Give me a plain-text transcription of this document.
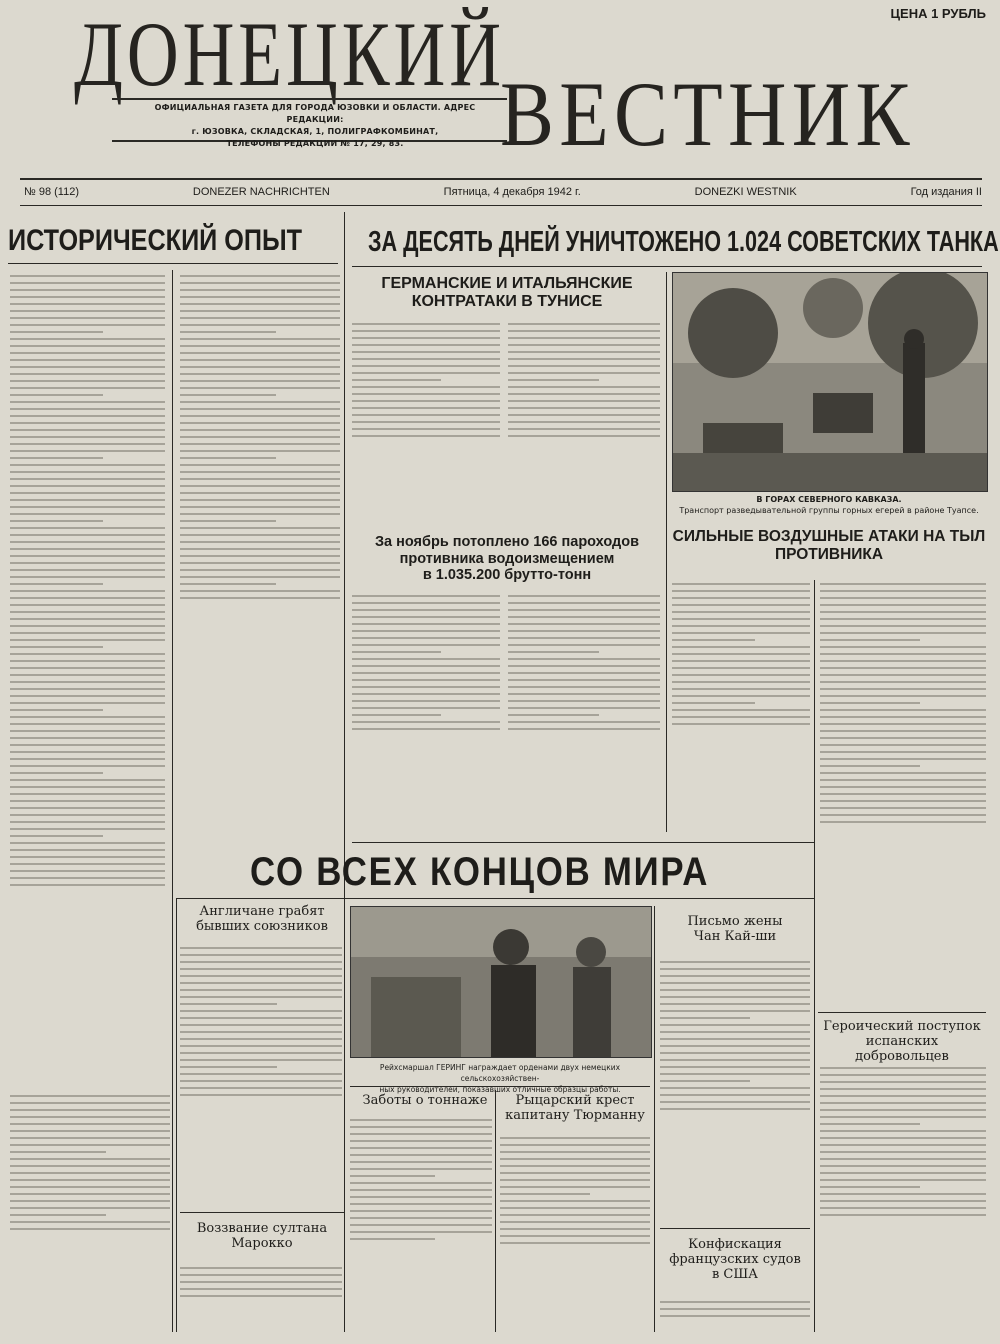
ДОНЕЦКИЙ
ВЕСТНИК
ЦЕНА 1 РУБЛЬ
ОФИЦИАЛЬНАЯ ГАЗЕТА ДЛЯ ГОРОДА ЮЗОВКИ И ОБЛАСТИ. АДРЕС РЕДАКЦИИ:
г. ЮЗОВКА, СКЛАДСКАЯ, 1, ПОЛИГРАФКОМБИНАТ,
ТЕЛЕФОНЫ РЕДАКЦИИ № 17, 29, 83.
№ 98 (112)	DONEZER NACHRICHTEN	Пятница, 4 декабря 1942 г.	DONEZKI WESTNIK	Год издания II
ИСТОРИЧЕСКИЙ ОПЫТ ЗА ДЕСЯТЬ ДНЕЙ УНИЧТОЖЕНО 1.024 СОВЕТСКИХ ТАНКА
ГЕРМАНСКИЕ И ИТАЛЬЯНСКИЕ
КОНТРАТАКИ В ТУНИСЕ
В ГОРАХ СЕВЕРНОГО КАВКАЗА.
Транспорт разведывательной группы горных егерей в районе Туапсе.
За ноябрь потоплено 166 пароходов
противника водоизмещением
в 1.035.200 брутто-тонн
СИЛЬНЫЕ ВОЗДУШНЫЕ АТАКИ НА ТЫЛ
ПРОТИВНИКА
СО ВСЕХ КОНЦОВ МИРА
Англичане грабят
бывших союзников
Рейхсмаршал ГЕРИНГ награждает орденами двух немецких сельскохозяйствен-
ных руководителей, показавших отличные образцы работы.
Письмо жены
Чан Кай-ши
Заботы о тоннаже	Рыцарский крест
капитану Тюрманну
Воззвание султана
Марокко	Конфискация
французских судов
в США
Героический поступок
испанских добровольцев
